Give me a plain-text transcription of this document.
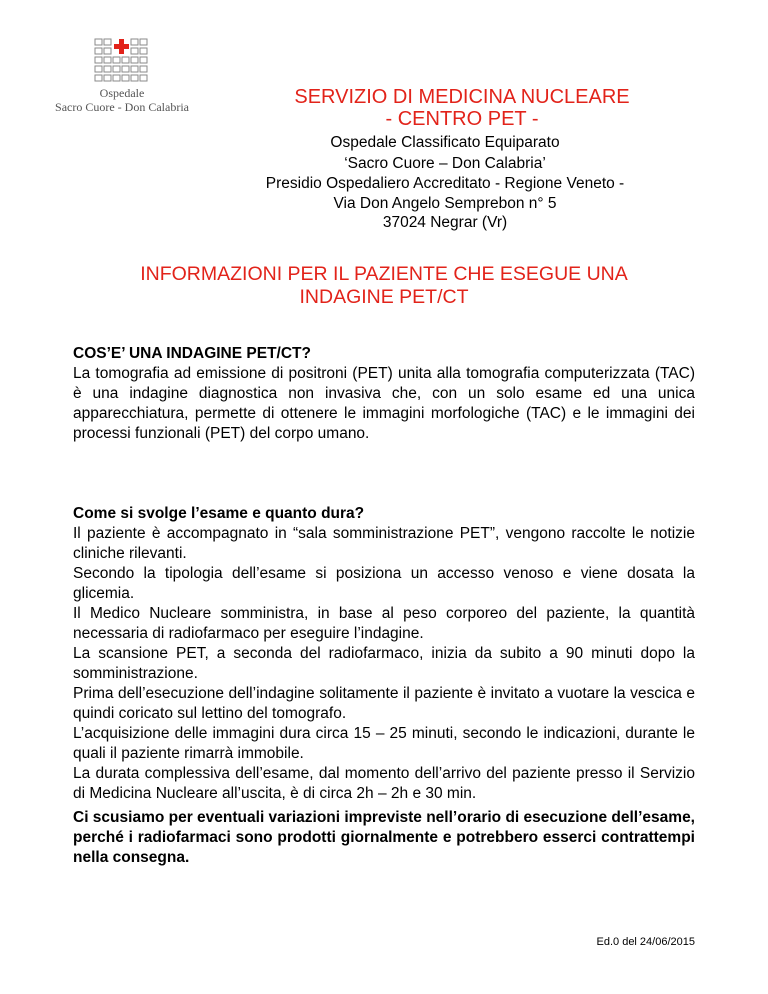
Ospedale
Sacro Cuore - Don Calabria	SERVIZIO DI MEDICINA NUCLEARE
- CENTRO PET -
Ospedale Classificato Equiparato
‘Sacro Cuore – Don Calabria’
Presidio Ospedaliero Accreditato - Regione Veneto -
Via Don Angelo Semprebon n° 5
37024 Negrar (Vr)
INFORMAZIONI PER IL PAZIENTE CHE ESEGUE UNA
INDAGINE PET/CT
COS’E’ UNA INDAGINE PET/CT?

La tomografia ad emissione di positroni (PET) unita alla tomografia computerizzata (TAC) è una indagine diagnostica non invasiva che, con un solo esame ed una unica apparecchiatura, permette di ottenere le immagini morfologiche (TAC) e le immagini dei processi funzionali (PET) del corpo umano.

Come si svolge l’esame e quanto dura?

Il paziente è accompagnato in “sala somministrazione PET”, vengono raccolte le notizie cliniche rilevanti.

Secondo la tipologia dell’esame si posiziona un accesso venoso e viene dosata la glicemia.

Il Medico Nucleare somministra, in base al peso corporeo del paziente, la quantità necessaria di radiofarmaco per eseguire l’indagine.

La scansione PET, a seconda del radiofarmaco, inizia da subito a 90 minuti dopo la somministrazione.

Prima dell’esecuzione dell’indagine solitamente il paziente è invitato a vuotare la vescica e quindi coricato sul lettino del tomografo.

L’acquisizione delle immagini dura circa 15 – 25 minuti, secondo le indicazioni, durante le quali il paziente rimarrà immobile.

La durata complessiva dell’esame, dal momento dell’arrivo del paziente presso il Servizio di Medicina Nucleare all’uscita, è di circa 2h – 2h e 30 min.

Ci scusiamo per eventuali variazioni impreviste nell’orario di esecuzione dell’esame, perché i radiofarmaci sono prodotti giornalmente e potrebbero esserci contrattempi nella consegna.

Ed.0 del 24/06/2015
